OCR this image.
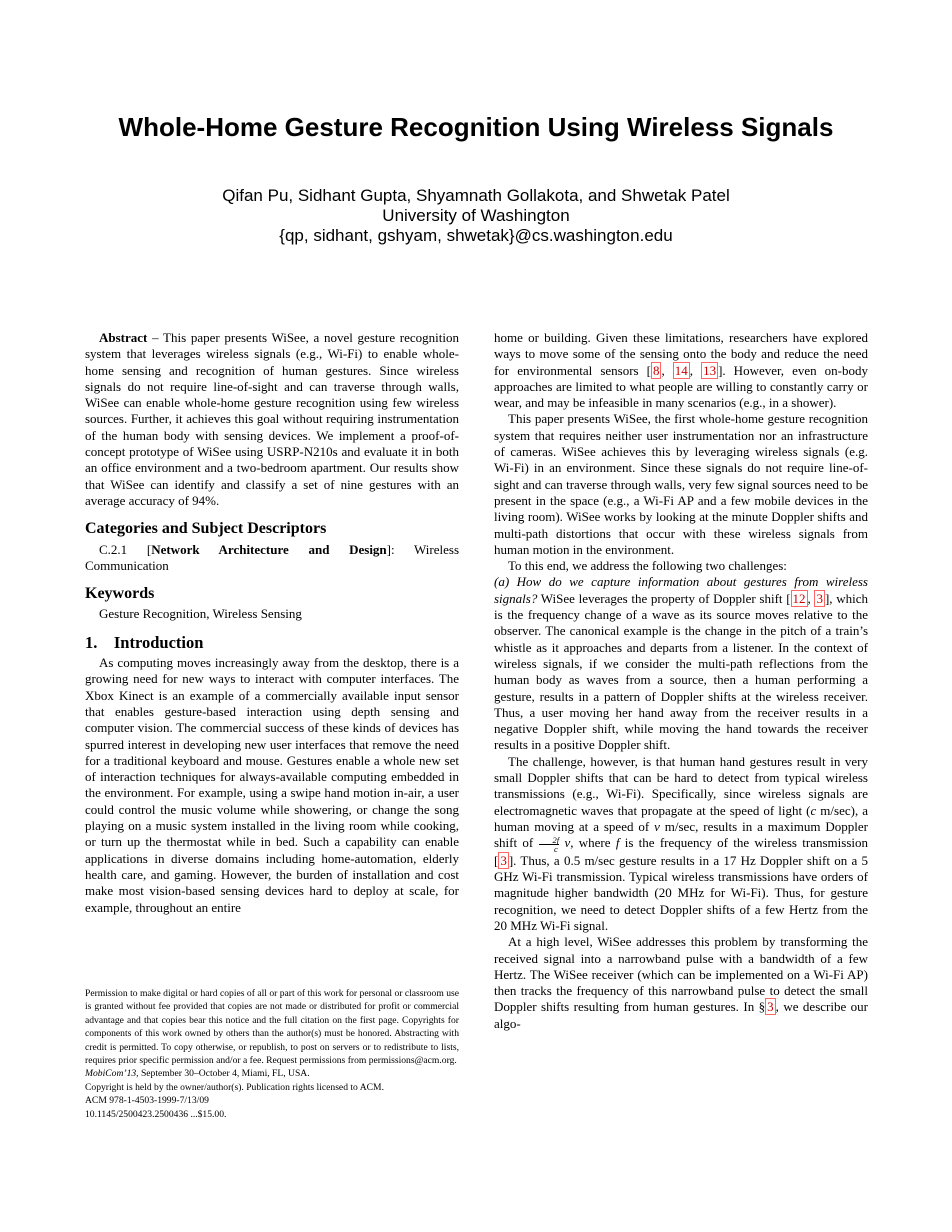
Whole-Home Gesture Recognition Using Wireless Signals
Qifan Pu, Sidhant Gupta, Shyamnath Gollakota, and Shwetak Patel
University of Washington
{qp, sidhant, gshyam, shwetak}@cs.washington.edu

Abstract – This paper presents WiSee, a novel gesture recognition system that leverages wireless signals (e.g., Wi-Fi) to enable whole-home sensing and recognition of human gestures. Since wireless signals do not require line-of-sight and can traverse through walls, WiSee can enable whole-home gesture recognition using few wireless sources. Further, it achieves this goal without requiring instrumentation of the human body with sensing devices. We implement a proof-of-concept prototype of WiSee using USRP-N210s and evaluate it in both an office environment and a two-bedroom apartment. Our results show that WiSee can identify and classify a set of nine gestures with an average accuracy of 94%.

Categories and Subject Descriptors

C.2.1 [Network Architecture and Design]: Wireless Communication

Keywords

Gesture Recognition, Wireless Sensing

1.    Introduction

As computing moves increasingly away from the desktop, there is a growing need for new ways to interact with computer interfaces. The Xbox Kinect is an example of a commercially available input sensor that enables gesture-based interaction using depth sensing and computer vision. The commercial success of these kinds of devices has spurred interest in developing new user interfaces that remove the need for a traditional keyboard and mouse. Gestures enable a whole new set of interaction techniques for always-available computing embedded in the environment. For example, using a swipe hand motion in-air, a user could control the music volume while showering, or change the song playing on a music system installed in the living room while cooking, or turn up the thermostat while in bed. Such a capability can enable applications in diverse domains including home-automation, elderly health care, and gaming. However, the burden of installation and cost make most vision-based sensing devices hard to deploy at scale, for example, throughout an entire

Permission to make digital or hard copies of all or part of this work for personal or classroom use is granted without fee provided that copies are not made or distributed for profit or commercial advantage and that copies bear this notice and the full citation on the first page. Copyrights for components of this work owned by others than the author(s) must be honored. Abstracting with credit is permitted. To copy otherwise, or republish, to post on servers or to redistribute to lists, requires prior specific permission and/or a fee. Request permissions from permissions@acm.org.
MobiCom’13, September 30–October 4, Miami, FL, USA.
Copyright is held by the owner/author(s). Publication rights licensed to ACM.
ACM 978-1-4503-1999-7/13/09
10.1145/2500423.2500436 ...$15.00.

home or building. Given these limitations, researchers have explored ways to move some of the sensing onto the body and reduce the need for environmental sensors [ 8 , 14 , 13 ]. However, even on-body approaches are limited to what people are willing to constantly carry or wear, and may be infeasible in many scenarios (e.g., in a shower).

This paper presents WiSee, the first whole-home gesture recognition system that requires neither user instrumentation nor an infrastructure of cameras. WiSee achieves this by leveraging wireless signals (e.g. Wi-Fi) in an environment. Since these signals do not require line-of-sight and can traverse through walls, very few signal sources need to be present in the space (e.g., a Wi-Fi AP and a few mobile devices in the living room). WiSee works by looking at the minute Doppler shifts and multi-path distortions that occur with these wireless signals from human motion in the environment.

To this end, we address the following two challenges:

(a) How do we capture information about gestures from wireless signals? WiSee leverages the property of Doppler shift [ 12 , 3 ], which is the frequency change of a wave as its source moves relative to the observer. The canonical example is the change in the pitch of a train’s whistle as it approaches and departs from a listener. In the context of wireless signals, if we consider the multi-path reflections from the human body as waves from a source, then a human performing a gesture, results in a pattern of Doppler shifts at the wireless receiver. Thus, a user moving her hand away from the receiver results in a negative Doppler shift, while moving the hand towards the receiver results in a positive Doppler shift.

The challenge, however, is that human hand gestures result in very small Doppler shifts that can be hard to detect from typical wireless transmissions (e.g., Wi-Fi). Specifically, since wireless signals are electromagnetic waves that propagate at the speed of light (c m/sec), a human moving at a speed of v m/sec, results in a maximum Doppler shift of $\frac{2f}{c} v$, where f is the frequency of the wireless transmission [ 3 ]. Thus, a 0.5 m/sec gesture results in a 17 Hz Doppler shift on a 5 GHz Wi-Fi transmission. Typical wireless transmissions have orders of magnitude higher bandwidth (20 MHz for Wi-Fi). Thus, for gesture recognition, we need to detect Doppler shifts of a few Hertz from the 20 MHz Wi-Fi signal.

At a high level, WiSee addresses this problem by transforming the received signal into a narrowband pulse with a bandwidth of a few Hertz. The WiSee receiver (which can be implemented on a Wi-Fi AP) then tracks the frequency of this narrowband pulse to detect the small Doppler shifts resulting from human gestures. In § 3 , we describe our algo-
